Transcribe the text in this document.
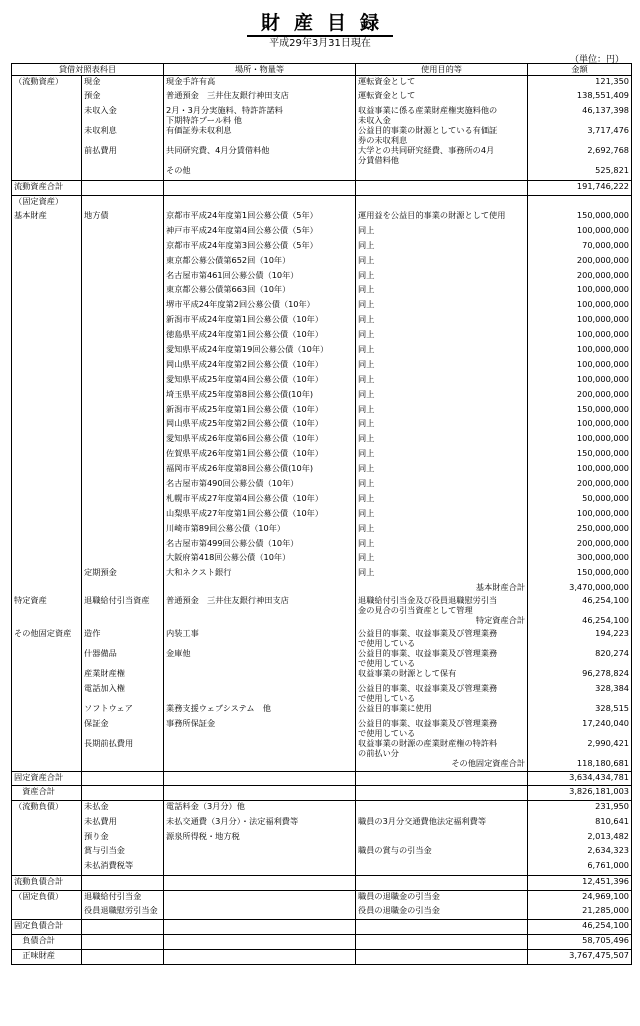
財産目録
平成29年3月31日現在
（単位：円）
貸借対照表科目		場所・物量等	使用目的等	金額
（流動資産）	現金	現金手許有高	運転資金として	121,350
	預金	普通預金　三井住友銀行神田支店	運転資金として	138,551,409
	未収入金	2月・3月分実施料、特許許諾料
下期特許プール料 他	収益事業に係る産業財産権実施料他の
未収入金	46,137,398
	未収利息	有価証券未収利息	公益目的事業の財源としている有価証
券の未収利息	3,717,476
	前払費用	共同研究費、4月分賃借料他	大学との共同研究経費、事務所の4月
分賃借料他	2,692,768
		その他		525,821
流動資産合計				191,746,222
（固定資産）				
基本財産	地方債	京都市平成24年度第1回公募公債（5年）	運用益を公益目的事業の財源として使用	150,000,000
		神戸市平成24年度第4回公募公債（5年）	同上	100,000,000
		京都市平成24年度第3回公募公債（5年）	同上	70,000,000
		東京都公募公債第652回（10年）	同上	200,000,000
		名古屋市第461回公募公債（10年）	同上	200,000,000
		東京都公募公債第663回（10年）	同上	100,000,000
		堺市平成24年度第2回公募公債（10年）	同上	100,000,000
		新潟市平成24年度第1回公募公債（10年）	同上	100,000,000
		徳島県平成24年度第1回公募公債（10年）	同上	100,000,000
		愛知県平成24年度第19回公募公債（10年）	同上	100,000,000
		岡山県平成24年度第2回公募公債（10年）	同上	100,000,000
		愛知県平成25年度第4回公募公債（10年）	同上	100,000,000
		埼玉県平成25年度第8回公募公債(10年)	同上	200,000,000
		新潟市平成25年度第1回公募公債（10年）	同上	150,000,000
		岡山県平成25年度第2回公募公債（10年）	同上	100,000,000
		愛知県平成26年度第6回公募公債（10年）	同上	100,000,000
		佐賀県平成26年度第1回公募公債（10年）	同上	150,000,000
		福岡市平成26年度第8回公募公債(10年)	同上	100,000,000
		名古屋市第490回公募公債（10年）	同上	200,000,000
		札幌市平成27年度第4回公募公債（10年）	同上	50,000,000
		山梨県平成27年度第1回公募公債（10年）	同上	100,000,000
		川崎市第89回公募公債（10年）	同上	250,000,000
		名古屋市第499回公募公債（10年）	同上	200,000,000
		大阪府第418回公募公債（10年）	同上	300,000,000
	定期預金	大和ネクスト銀行	同上	150,000,000
			基本財産合計	3,470,000,000
特定資産	退職給付引当資産	普通預金　三井住友銀行神田支店	退職給付引当金及び役員退職慰労引当
金の見合の引当資産として管理	46,254,100
			特定資産合計	46,254,100
その他固定資産	造作	内装工事	公益目的事業、収益事業及び管理業務
で使用している	194,223
	什器備品	金庫他	公益目的事業、収益事業及び管理業務
で使用している	820,274
	産業財産権		収益事業の財源として保有	96,278,824
	電話加入権		公益目的事業、収益事業及び管理業務
で使用している	328,384
	ソフトウェア	業務支援ウェブシステム　他	公益目的事業に使用	328,515
	保証金	事務所保証金	公益目的事業、収益事業及び管理業務
で使用している	17,240,040
	長期前払費用		収益事業の財源の産業財産権の特許料
の前払い分	2,990,421
			その他固定資産合計	118,180,681
固定資産合計				3,634,434,781
　資産合計				3,826,181,003
（流動負債）	未払金	電話料金（3月分）他		231,950
	未払費用	未払交通費（3月分）・法定福利費等	職員の3月分交通費他法定福利費等	810,641
	預り金	源泉所得税・地方税		2,013,482
	賞与引当金		職員の賞与の引当金	2,634,323
	未払消費税等			6,761,000
流動負債合計				12,451,396
（固定負債）	退職給付引当金		職員の退職金の引当金	24,969,100
	役員退職慰労引当金		役員の退職金の引当金	21,285,000
固定負債合計				46,254,100
　負債合計				58,705,496
　正味財産				3,767,475,507
